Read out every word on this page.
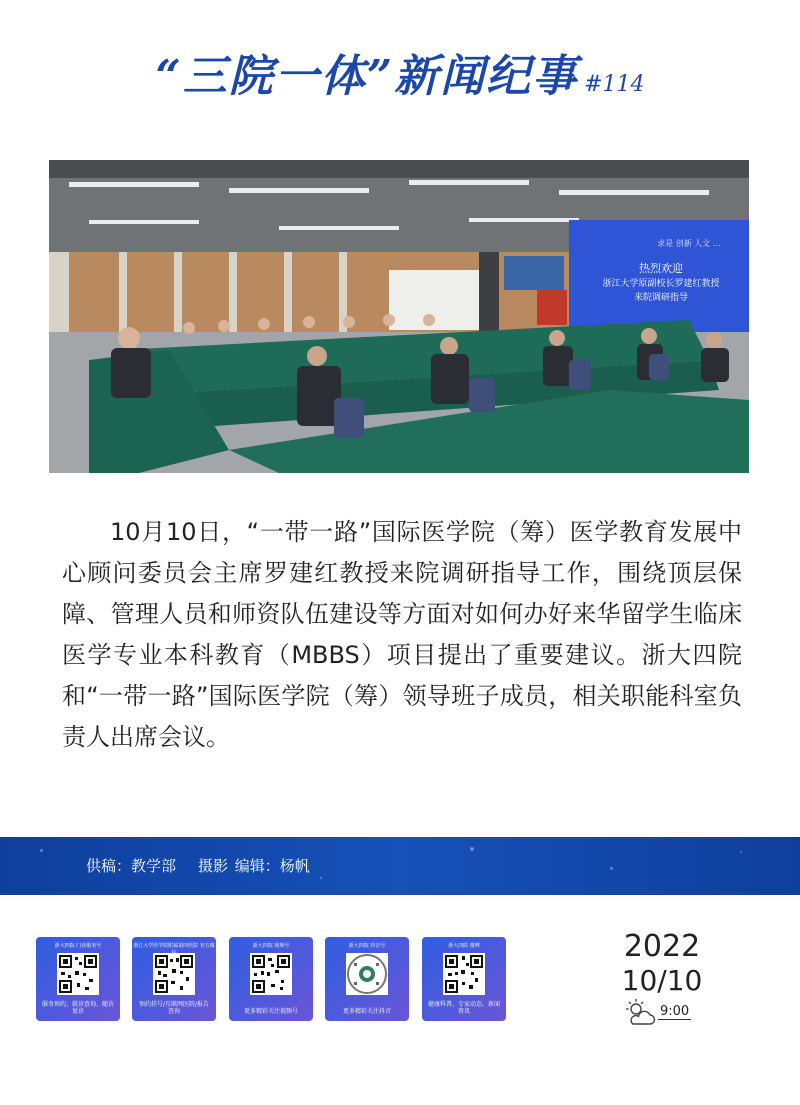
“三院一体”新闻纪事 #114
热烈欢迎
浙江大学原副校长罗建红教授
来院调研指导
求是 创新 人文 …
10月10日，“一带一路”国际医学院（筹）医学教育发展中心顾问委员会主席罗建红教授来院调研指导工作，围绕顶层保障、管理人员和师资队伍建设等方面对如何办好来华留学生临床医学专业本科教育（MBBS）项目提出了重要建议。浙大四院和“一带一路”国际医学院（筹）领导班子成员，相关职能科室负责人出席会议。
供稿：教学部 摄影 编辑：杨帆
浙大四院 门诊服务号
服务预约、就诊查询、随访复诊
浙江大学医学院附属第四医院 官方微
预约挂号/互联网医院/报告查询
浙大四院 视频号
更多精彩关注视频号
浙大四院 抖音号
更多精彩关注抖音
浙大四院 微博
健康科普、专家动态、新闻资讯
2022
10/10
9:00
